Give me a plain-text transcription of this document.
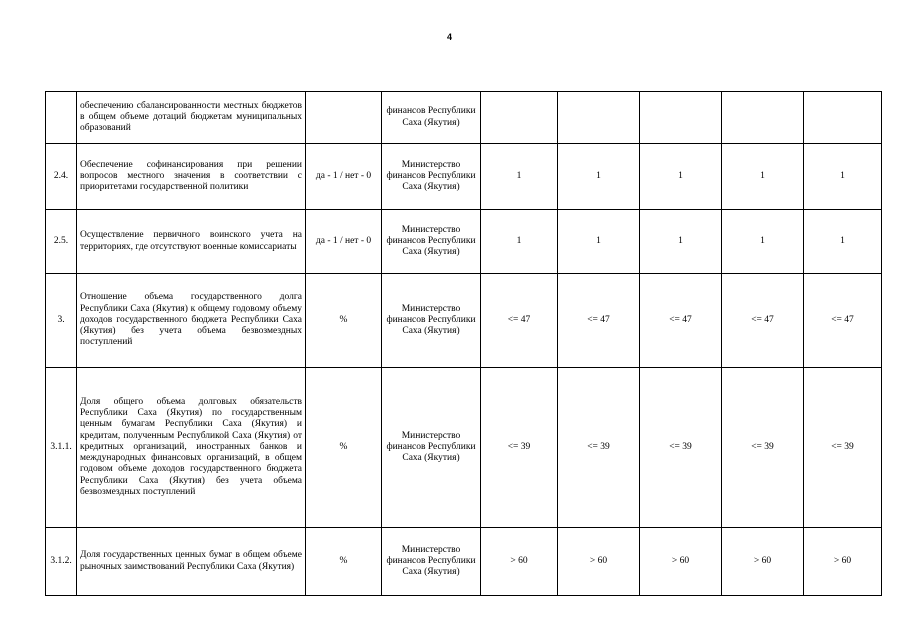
4
	обеспечению сбалансированности местных бюджетов в общем объеме дотаций бюджетам муниципальных образований		финансов Республики Саха (Якутия)					
2.4.	Обеспечение софинансирования при решении вопросов местного значения в соответствии с приоритетами государственной политики	да - 1 / нет - 0	Министерство финансов Республики Саха (Якутия)	1	1	1	1	1
2.5.	Осуществление первичного воинского учета на территориях, где отсутствуют военные комиссариаты	да - 1 / нет - 0	Министерство финансов Республики Саха (Якутия)	1	1	1	1	1
3.	Отношение объема государственного долга Республики Саха (Якутия) к общему годовому объему доходов государственного бюджета Республики Саха (Якутия) без учета объема безвозмездных поступлений	%	Министерство финансов Республики Саха (Якутия)	<= 47	<= 47	<= 47	<= 47	<= 47
3.1.1.	Доля общего объема долговых обязательств Республики Саха (Якутия) по государственным ценным бумагам Республики Саха (Якутия) и кредитам, полученным Республикой Саха (Якутия) от кредитных организаций, иностранных банков и международных финансовых организаций, в общем годовом объеме доходов государственного бюджета Республики Саха (Якутия) без учета объема безвозмездных поступлений	%	Министерство финансов Республики Саха (Якутия)	<= 39	<= 39	<= 39	<= 39	<= 39
3.1.2.	Доля государственных ценных бумаг в общем объеме рыночных заимствований Республики Саха (Якутия)	%	Министерство финансов Республики Саха (Якутия)	> 60	> 60	> 60	> 60	> 60
